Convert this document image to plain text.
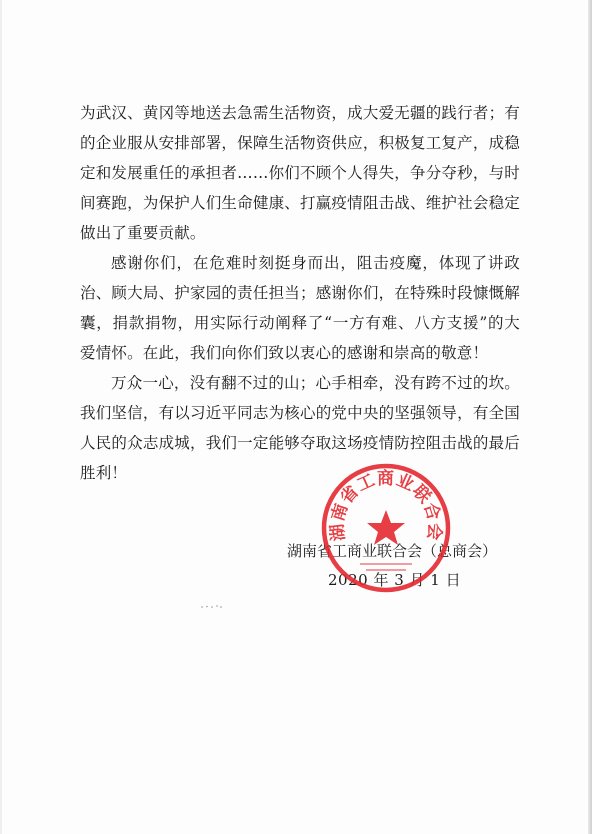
为武汉、黄冈等地送去急需生活物资，成大爱无疆的践行者；有的企业服从安排部署，保障生活物资供应，积极复工复产，成稳定和发展重任的承担者……你们不顾个人得失，争分夺秒，与时间赛跑，为保护人们生命健康、打赢疫情阻击战、维护社会稳定做出了重要贡献。

感谢你们，在危难时刻挺身而出，阻击疫魔，体现了讲政治、顾大局、护家园的责任担当；感谢你们，在特殊时段慷慨解囊，捐款捐物，用实际行动阐释了“一方有难、八方支援”的大爱情怀。在此，我们向你们致以衷心的感谢和崇高的敬意！

万众一心，没有翻不过的山；心手相牵，没有跨不过的坎。我们坚信，有以习近平同志为核心的党中央的坚强领导，有全国人民的众志成城，我们一定能够夺取这场疫情防控阻击战的最后胜利！

湖南省工商业联合会（总商会）
2020 年 3 月 1 日
湖南省工商业联合会
